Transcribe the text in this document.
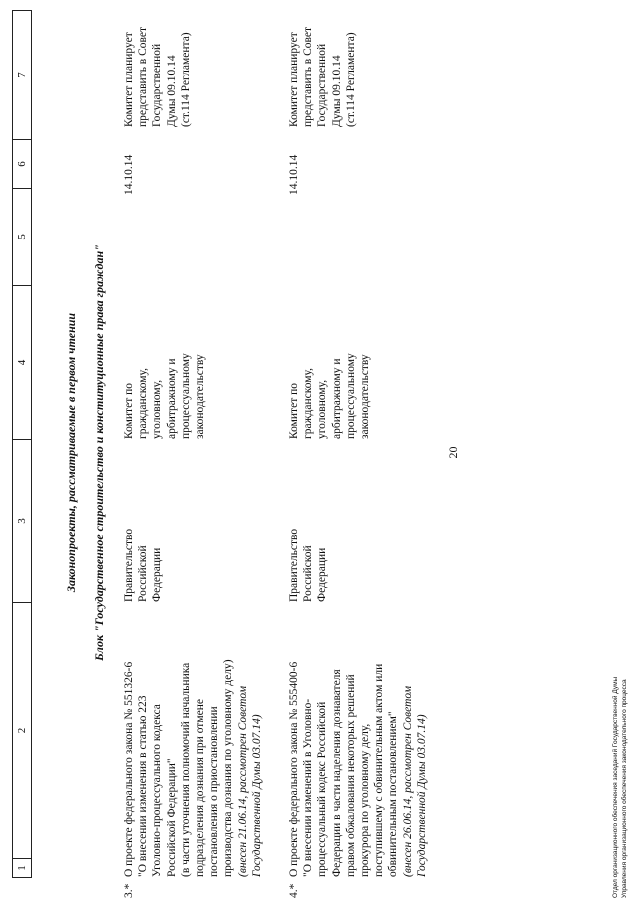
1
2
3
4
5
6
7
Законопроекты, рассматриваемые в первом чтении Блок "Государственное строительство и конституционные права граждан"
3.*
О проекте федерального закона № 551326-6 "О внесении изменения в статью 223 Уголовно-процессуального кодекса Российской Федерации" (в части уточнения полномочий начальника подразделения дознания при отмене постановления о приостановлении производства дознания по уголовному делу) (внесен 21.06.14, рассмотрен Советом Государственной Думы 03.07.14)
Правительство Российской Федерации
Комитет по гражданскому, уголовному, арбитражному и процессуальному законодательству
14.10.14
Комитет планирует представить в Совет Государственной Думы 09.10.14 (ст.114 Регламента)
4.*
О проекте федерального закона № 555400-6 "О внесении изменений в Уголовно- процессуальный кодекс Российской Федерации в части наделения дознавателя правом обжалования некоторых решений прокурора по уголовному делу, поступившему с обвинительным актом или обвинительным постановлением" (внесен 26.06.14, рассмотрен Советом Государственной Думы 03.07.14)
Правительство Российской Федерации
Комитет по гражданскому, уголовному, арбитражному и процессуальному законодательству
14.10.14
Комитет планирует представить в Совет Государственной Думы 09.10.14 (ст.114 Регламента)
20
Отдел организационного обеспечения заседаний Государственной Думы Управления организационного обеспечения законодательного процесса
